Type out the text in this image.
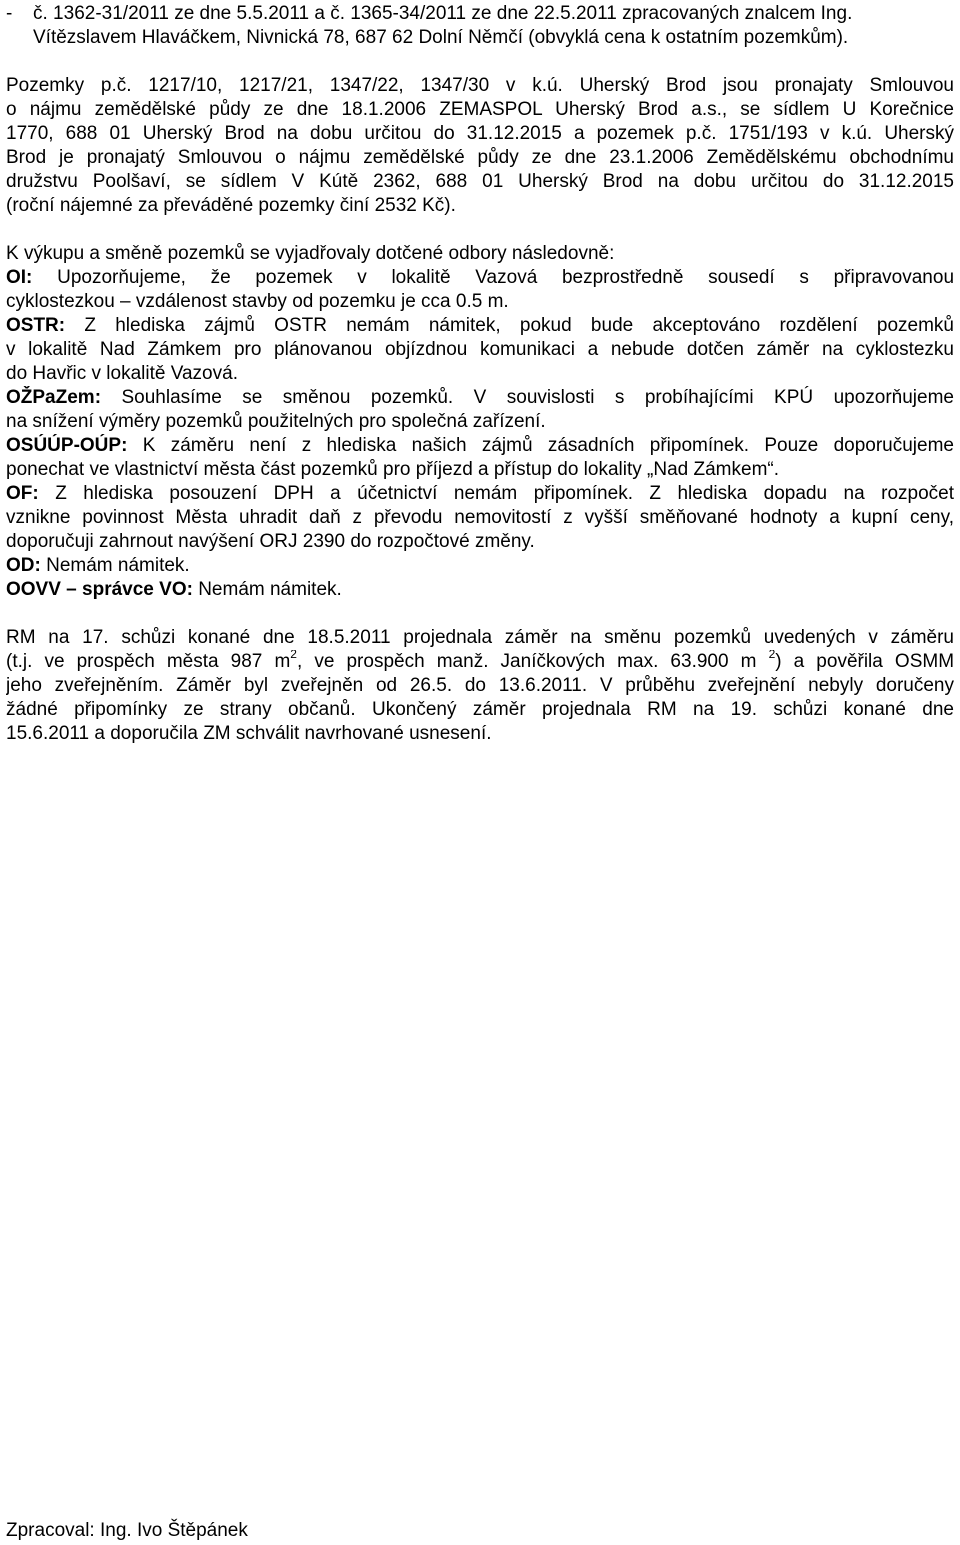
-	č. 1362-31/2011 ze dne 5.5.2011 a č. 1365-34/2011 ze dne 22.5.2011 zpracovaných znalcem Ing.
Vítězslavem Hlaváčkem, Nivnická 78, 687 62 Dolní Němčí (obvyklá cena k ostatním pozemkům).
Pozemky p.č. 1217/10, 1217/21, 1347/22, 1347/30 v k.ú. Uherský Brod jsou pronajaty Smlouvou
o nájmu zemědělské půdy ze dne 18.1.2006 ZEMASPOL Uherský Brod a.s., se sídlem U Korečnice
1770, 688 01 Uherský Brod na dobu určitou do 31.12.2015 a pozemek p.č. 1751/193 v k.ú. Uherský
Brod je pronajatý Smlouvou o nájmu zemědělské půdy ze dne 23.1.2006 Zemědělskému obchodnímu
družstvu Poolšaví, se sídlem V Kútě 2362, 688 01 Uherský Brod na dobu určitou do 31.12.2015
(roční nájemné za převáděné pozemky činí 2532 Kč).
K výkupu a směně pozemků se vyjadřovaly dotčené odbory následovně:
OI: Upozorňujeme, že pozemek v lokalitě Vazová bezprostředně sousedí s připravovanou
cyklostezkou – vzdálenost stavby od pozemku je cca 0.5 m.
OSTR: Z hlediska zájmů OSTR nemám námitek, pokud bude akceptováno rozdělení pozemků
v lokalitě Nad Zámkem pro plánovanou objízdnou komunikaci a nebude dotčen záměr na cyklostezku
do Havřic v lokalitě Vazová.
OŽPaZem: Souhlasíme se směnou pozemků. V souvislosti s probíhajícími KPÚ upozorňujeme
na snížení výměry pozemků použitelných pro společná zařízení.
OSÚÚP-OÚP: K záměru není z hlediska našich zájmů zásadních připomínek. Pouze doporučujeme
ponechat ve vlastnictví města část pozemků pro příjezd a přístup do lokality „Nad Zámkem“.
OF: Z hlediska posouzení DPH a účetnictví nemám připomínek. Z hlediska dopadu na rozpočet
vznikne povinnost Města uhradit daň z převodu nemovitostí z vyšší směňované hodnoty a kupní ceny,
doporučuji zahrnout navýšení ORJ 2390 do rozpočtové změny.
OD: Nemám námitek.
OOVV – správce VO: Nemám námitek.
RM na 17. schůzi konané dne 18.5.2011 projednala záměr na směnu pozemků uvedených v záměru
(t.j. ve prospěch města 987 $m^2$, ve prospěch manž. Janíčkových max. 63.900 m $^2$) a pověřila OSMM
jeho zveřejněním. Záměr byl zveřejněn od 26.5. do 13.6.2011. V průběhu zveřejnění nebyly doručeny
žádné připomínky ze strany občanů. Ukončený záměr projednala RM na 19. schůzi konané dne
15.6.2011 a doporučila ZM schválit navrhované usnesení.
Zpracoval: Ing. Ivo Štěpánek
